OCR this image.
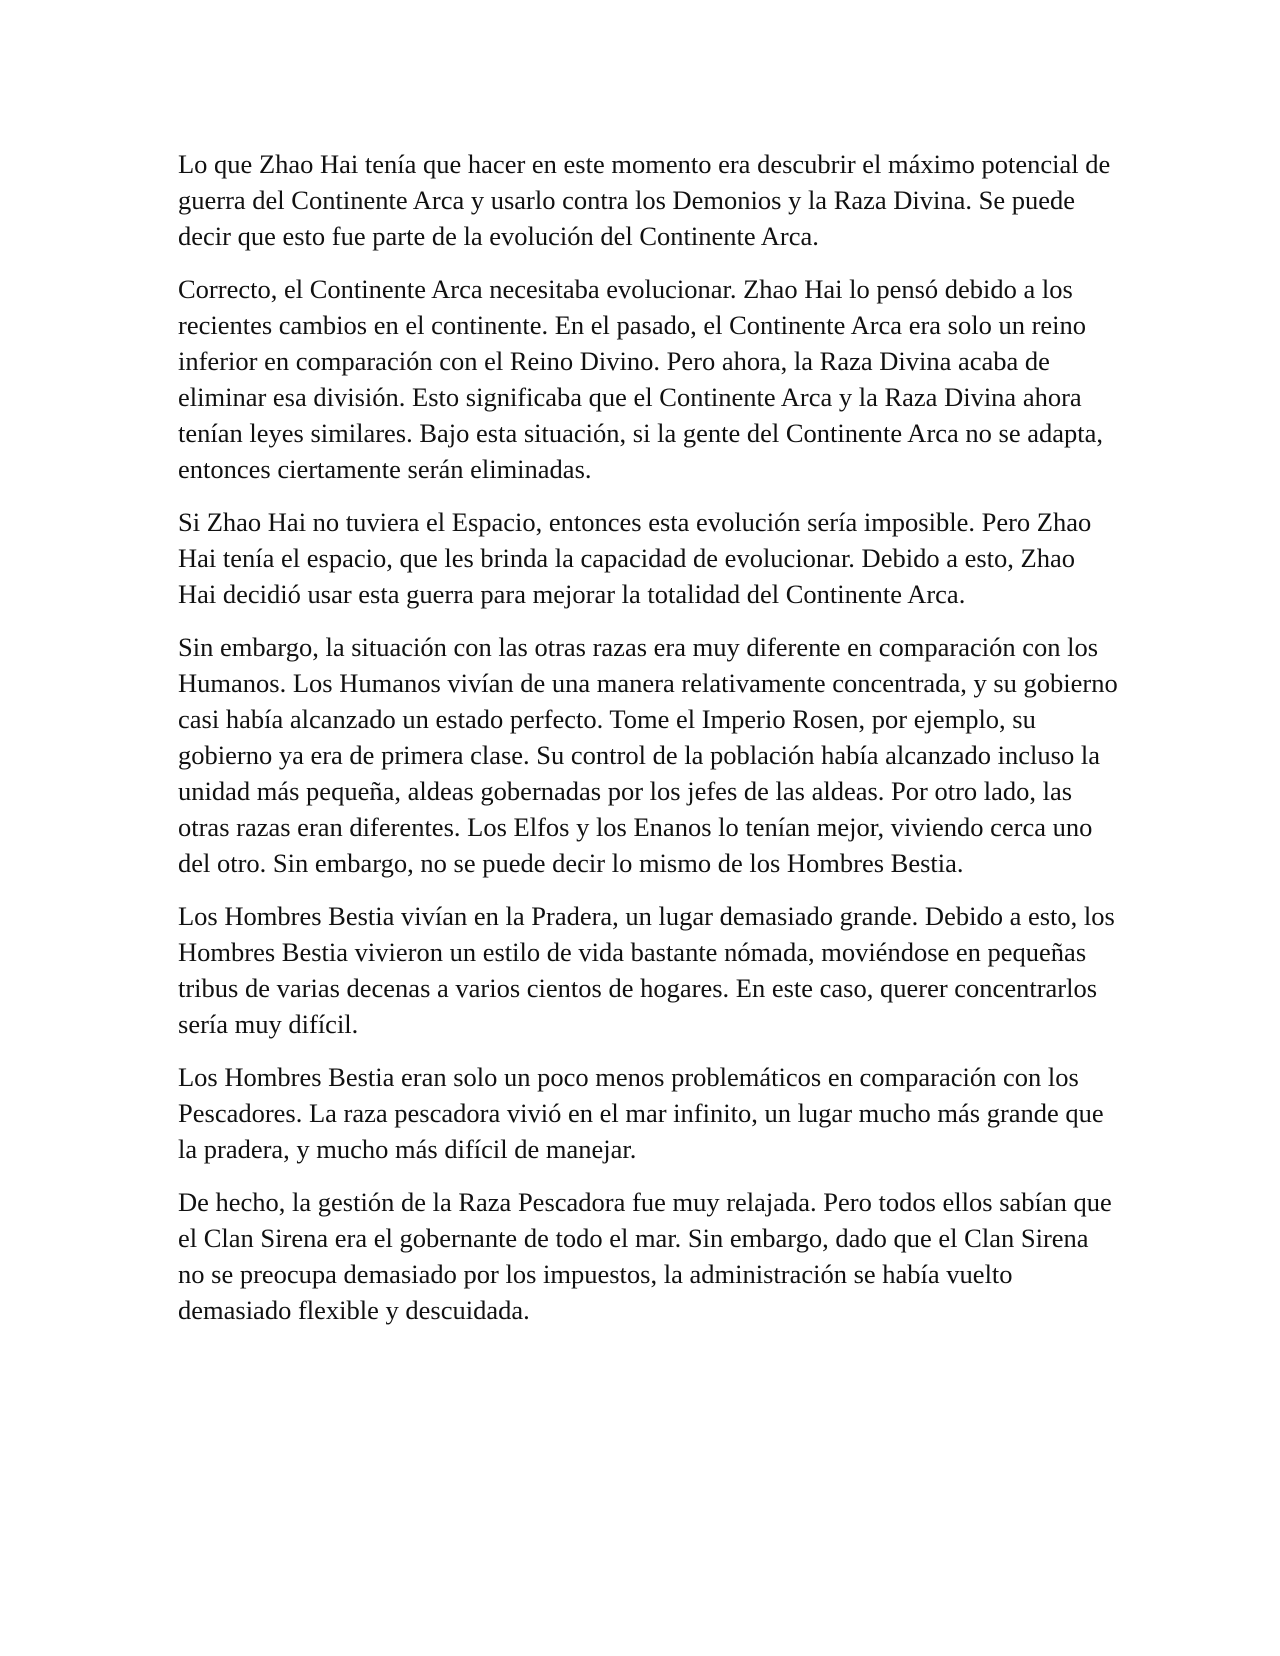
Lo que Zhao Hai tenía que hacer en este momento era descubrir el máximo potencial de guerra del Continente Arca y usarlo contra los Demonios y la Raza Divina. Se puede decir que esto fue parte de la evolución del Continente Arca.

Correcto, el Continente Arca necesitaba evolucionar. Zhao Hai lo pensó debido a los recientes cambios en el continente. En el pasado, el Continente Arca era solo un reino inferior en comparación con el Reino Divino. Pero ahora, la Raza Divina acaba de eliminar esa división. Esto significaba que el Continente Arca y la Raza Divina ahora tenían leyes similares. Bajo esta situación, si la gente del Continente Arca no se adapta, entonces ciertamente serán eliminadas.

Si Zhao Hai no tuviera el Espacio, entonces esta evolución sería imposible. Pero Zhao Hai tenía el espacio, que les brinda la capacidad de evolucionar. Debido a esto, Zhao Hai decidió usar esta guerra para mejorar la totalidad del Continente Arca.

Sin embargo, la situación con las otras razas era muy diferente en comparación con los Humanos. Los Humanos vivían de una manera relativamente concentrada, y su gobierno casi había alcanzado un estado perfecto. Tome el Imperio Rosen, por ejemplo, su gobierno ya era de primera clase. Su control de la población había alcanzado incluso la unidad más pequeña, aldeas gobernadas por los jefes de las aldeas. Por otro lado, las otras razas eran diferentes. Los Elfos y los Enanos lo tenían mejor, viviendo cerca uno del otro. Sin embargo, no se puede decir lo mismo de los Hombres Bestia.

Los Hombres Bestia vivían en la Pradera, un lugar demasiado grande. Debido a esto, los Hombres Bestia vivieron un estilo de vida bastante nómada, moviéndose en pequeñas tribus de varias decenas a varios cientos de hogares. En este caso, querer concentrarlos sería muy difícil.

Los Hombres Bestia eran solo un poco menos problemáticos en comparación con los Pescadores. La raza pescadora vivió en el mar infinito, un lugar mucho más grande que la pradera, y mucho más difícil de manejar.

De hecho, la gestión de la Raza Pescadora fue muy relajada. Pero todos ellos sabían que el Clan Sirena era el gobernante de todo el mar. Sin embargo, dado que el Clan Sirena no se preocupa demasiado por los impuestos, la administración se había vuelto demasiado flexible y descuidada.
